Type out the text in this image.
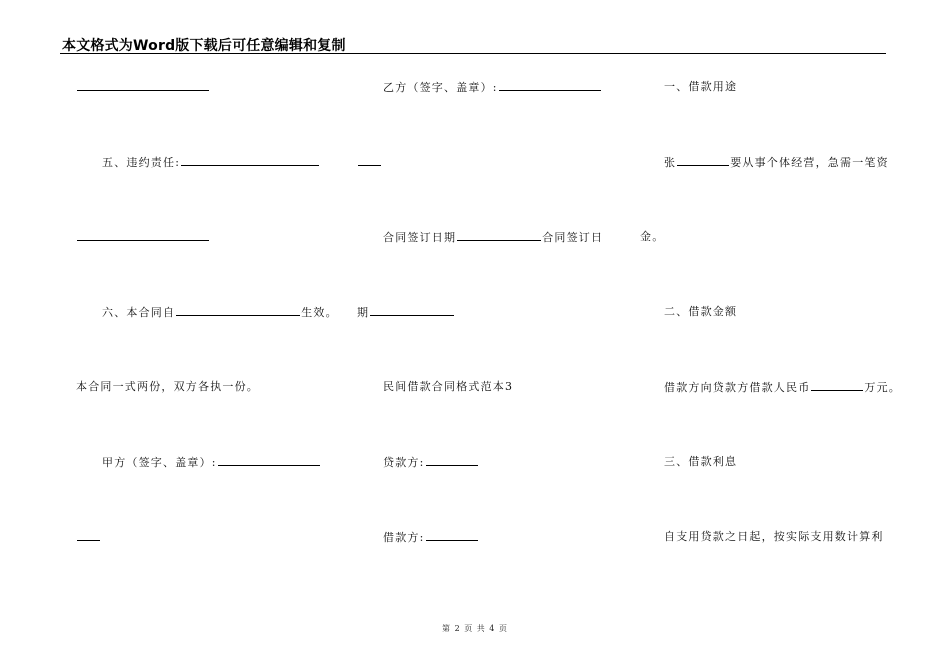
本文格式为Word版下载后可任意编辑和复制
五、违约责任:
六、本合同自	生效。
本合同一式两份，双方各执一份。
甲方（签字、盖章）:
乙方（签字、盖章）:
合同签订日期	合同签订日
期
民间借款合同格式范本3
贷款方:
借款方:
一、借款用途
张	要从事个体经营，急需一笔资
金。
二、借款金额
借款方向贷款方借款人民币	万元。
三、借款利息
自支用贷款之日起，按实际支用数计算利
第 2 页 共 4 页
